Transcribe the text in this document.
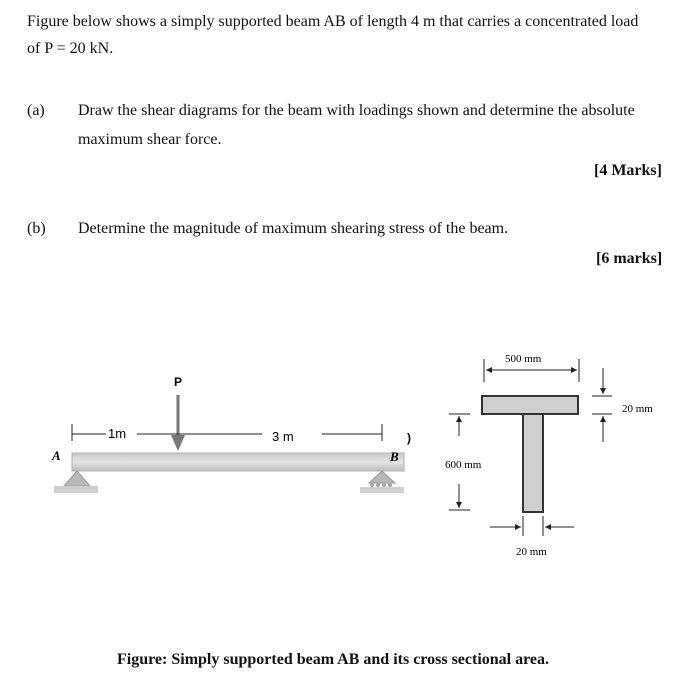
Figure below shows a simply supported beam AB of length 4 m that carries a concentrated load
of P = 20 kN.
(a) Draw the shear diagrams for the beam with loadings shown and determine the absolute
maximum shear force.
[4 Marks]
(b) Determine the magnitude of maximum shearing stress of the beam.
[6 marks]
A	B
P
1m	3 m	)
500 mm
20 mm
600 mm
20 mm
Figure: Simply supported beam AB and its cross sectional area.
